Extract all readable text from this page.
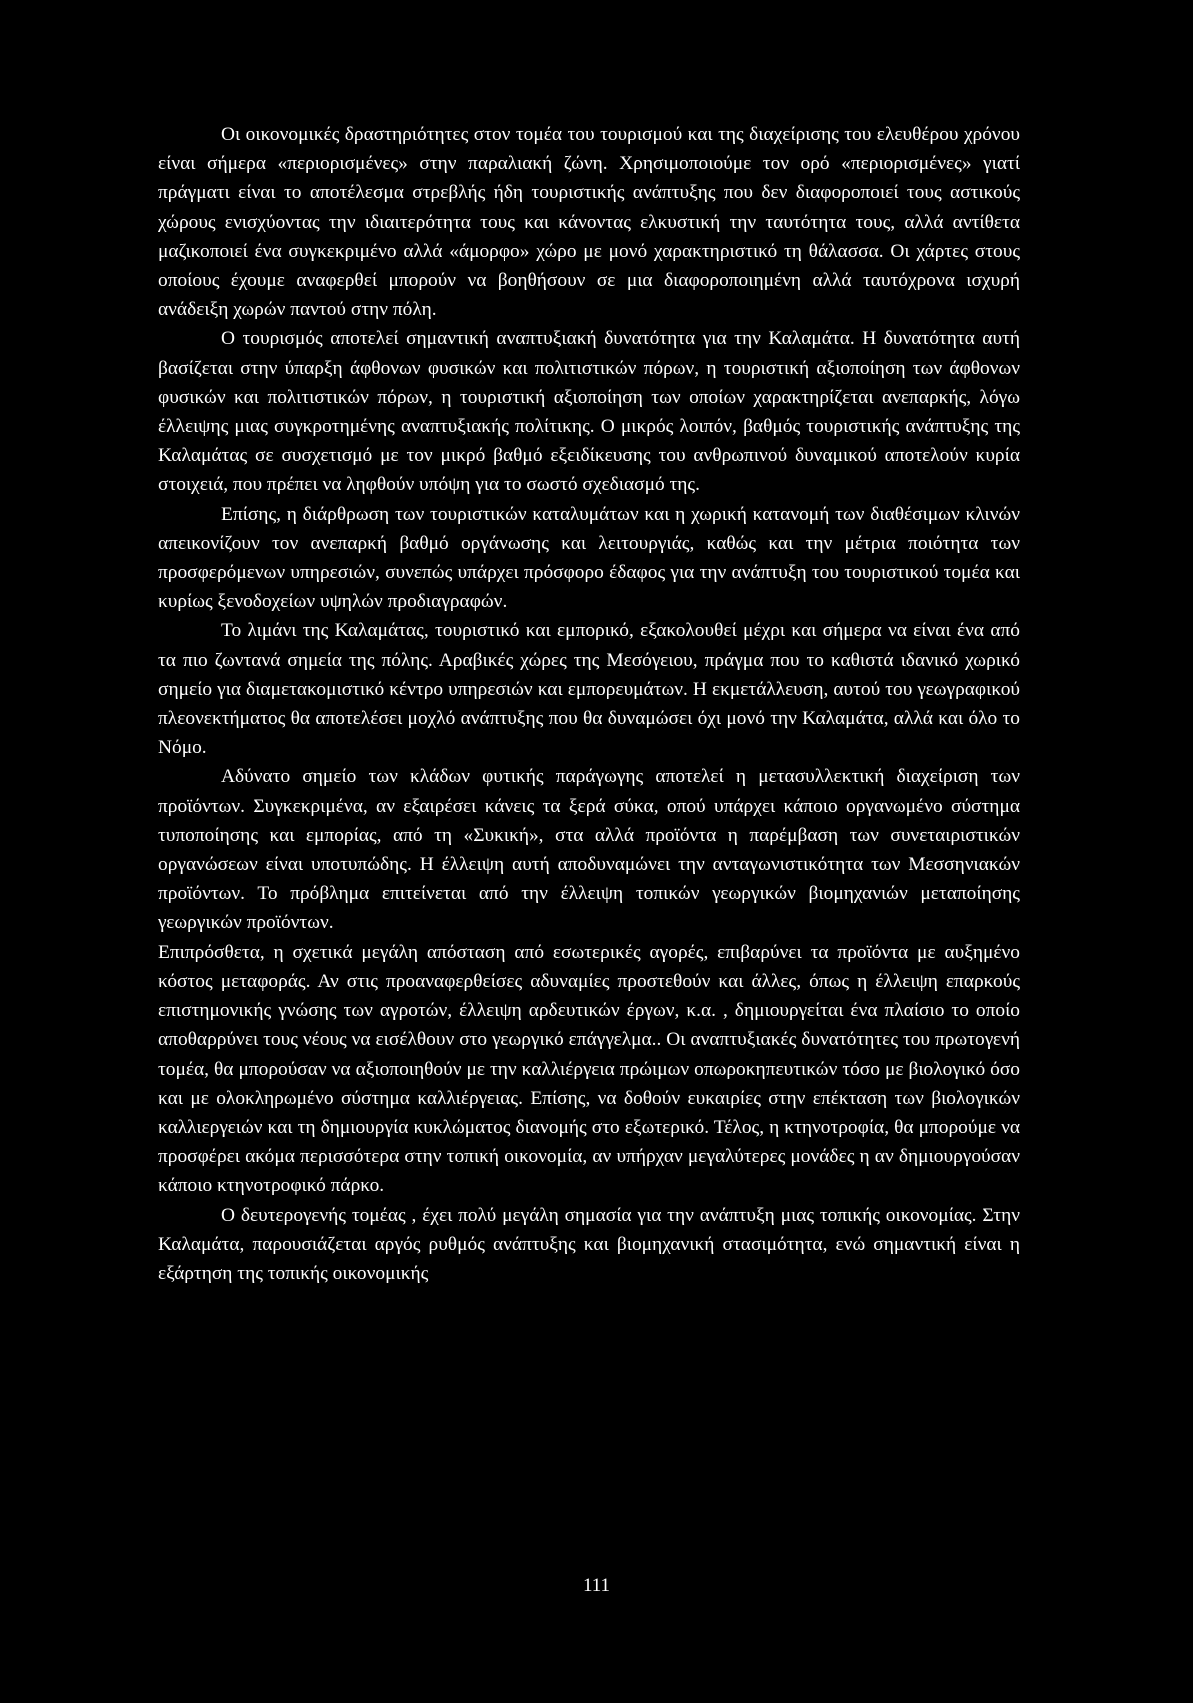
Οι οικονομικές δραστηριότητες στον τομέα του τουρισμού και της διαχείρισης του ελευθέρου χρόνου είναι σήμερα «περιορισμένες» στην παραλιακή ζώνη. Χρησιμοποιούμε τον ορό «περιορισμένες» γιατί πράγματι είναι το αποτέλεσμα στρεβλής ήδη τουριστικής ανάπτυξης που δεν διαφοροποιεί τους αστικούς χώρους ενισχύοντας την ιδιαιτερότητα τους και κάνοντας ελκυστική την ταυτότητα τους, αλλά αντίθετα μαζικοποιεί ένα συγκεκριμένο αλλά «άμορφο» χώρο με μονό χαρακτηριστικό τη θάλασσα. Οι χάρτες στους οποίους έχουμε αναφερθεί μπορούν να βοηθήσουν σε μια διαφοροποιημένη αλλά ταυτόχρονα ισχυρή ανάδειξη χωρών παντού στην πόλη.

Ο τουρισμός αποτελεί σημαντική αναπτυξιακή δυνατότητα για την Καλαμάτα. Η δυνατότητα αυτή βασίζεται στην ύπαρξη άφθονων φυσικών και πολιτιστικών πόρων, η τουριστική αξιοποίηση των άφθονων φυσικών και πολιτιστικών πόρων, η τουριστική αξιοποίηση των οποίων χαρακτηρίζεται ανεπαρκής, λόγω έλλειψης μιας συγκροτημένης αναπτυξιακής πολίτικης. Ο μικρός λοιπόν, βαθμός τουριστικής ανάπτυξης της Καλαμάτας σε συσχετισμό με τον μικρό βαθμό εξειδίκευσης του ανθρωπινού δυναμικού αποτελούν κυρία στοιχειά, που πρέπει να ληφθούν υπόψη για το σωστό σχεδιασμό της.

Επίσης, η διάρθρωση των τουριστικών καταλυμάτων και η χωρική κατανομή των διαθέσιμων κλινών απεικονίζουν τον ανεπαρκή βαθμό οργάνωσης και λειτουργιάς, καθώς και την μέτρια ποιότητα των προσφερόμενων υπηρεσιών, συνεπώς υπάρχει πρόσφορο έδαφος για την ανάπτυξη του τουριστικού τομέα και κυρίως ξενοδοχείων υψηλών προδιαγραφών.

Το λιμάνι της Καλαμάτας, τουριστικό και εμπορικό, εξακολουθεί μέχρι και σήμερα να είναι ένα από τα πιο ζωντανά σημεία της πόλης. Αραβικές χώρες της Μεσόγειου, πράγμα που το καθιστά ιδανικό χωρικό σημείο για διαμετακομιστικό κέντρο υπηρεσιών και εμπορευμάτων. Η εκμετάλλευση, αυτού του γεωγραφικού πλεονεκτήματος θα αποτελέσει μοχλό ανάπτυξης που θα δυναμώσει όχι μονό την Καλαμάτα, αλλά και όλο το Νόμο.

Αδύνατο σημείο των κλάδων φυτικής παράγωγης αποτελεί η μετασυλλεκτική διαχείριση των προϊόντων. Συγκεκριμένα, αν εξαιρέσει κάνεις τα ξερά σύκα, οπού υπάρχει κάποιο οργανωμένο σύστημα τυποποίησης και εμπορίας, από τη «Συκική», στα αλλά προϊόντα η παρέμβαση των συνεταιριστικών οργανώσεων είναι υποτυπώδης. Η έλλειψη αυτή αποδυναμώνει την ανταγωνιστικότητα των Μεσσηνιακών προϊόντων. Το πρόβλημα επιτείνεται από την έλλειψη τοπικών γεωργικών βιομηχανιών μεταποίησης γεωργικών προϊόντων.

Επιπρόσθετα, η σχετικά μεγάλη απόσταση από εσωτερικές αγορές, επιβαρύνει τα προϊόντα με αυξημένο κόστος μεταφοράς. Αν στις προαναφερθείσες αδυναμίες προστεθούν και άλλες, όπως η έλλειψη επαρκούς επιστημονικής γνώσης των αγροτών, έλλειψη αρδευτικών έργων, κ.α. , δημιουργείται ένα πλαίσιο το οποίο αποθαρρύνει τους νέους να εισέλθουν στο γεωργικό επάγγελμα.. Οι αναπτυξιακές δυνατότητες του πρωτογενή τομέα, θα μπορούσαν να αξιοποιηθούν με την καλλιέργεια πρώιμων οπωροκηπευτικών τόσο με βιολογικό όσο και με ολοκληρωμένο σύστημα καλλιέργειας. Επίσης, να δοθούν ευκαιρίες στην επέκταση των βιολογικών καλλιεργειών και τη δημιουργία κυκλώματος διανομής στο εξωτερικό. Τέλος, η κτηνοτροφία, θα μπορούμε να προσφέρει ακόμα περισσότερα στην τοπική οικονομία, αν υπήρχαν μεγαλύτερες μονάδες η αν δημιουργούσαν κάποιο κτηνοτροφικό πάρκο.

Ο δευτερογενής τομέας , έχει πολύ μεγάλη σημασία για την ανάπτυξη μιας τοπικής οικονομίας. Στην Καλαμάτα, παρουσιάζεται αργός ρυθμός ανάπτυξης και βιομηχανική στασιμότητα, ενώ σημαντική είναι η εξάρτηση της τοπικής οικονομικής

111
